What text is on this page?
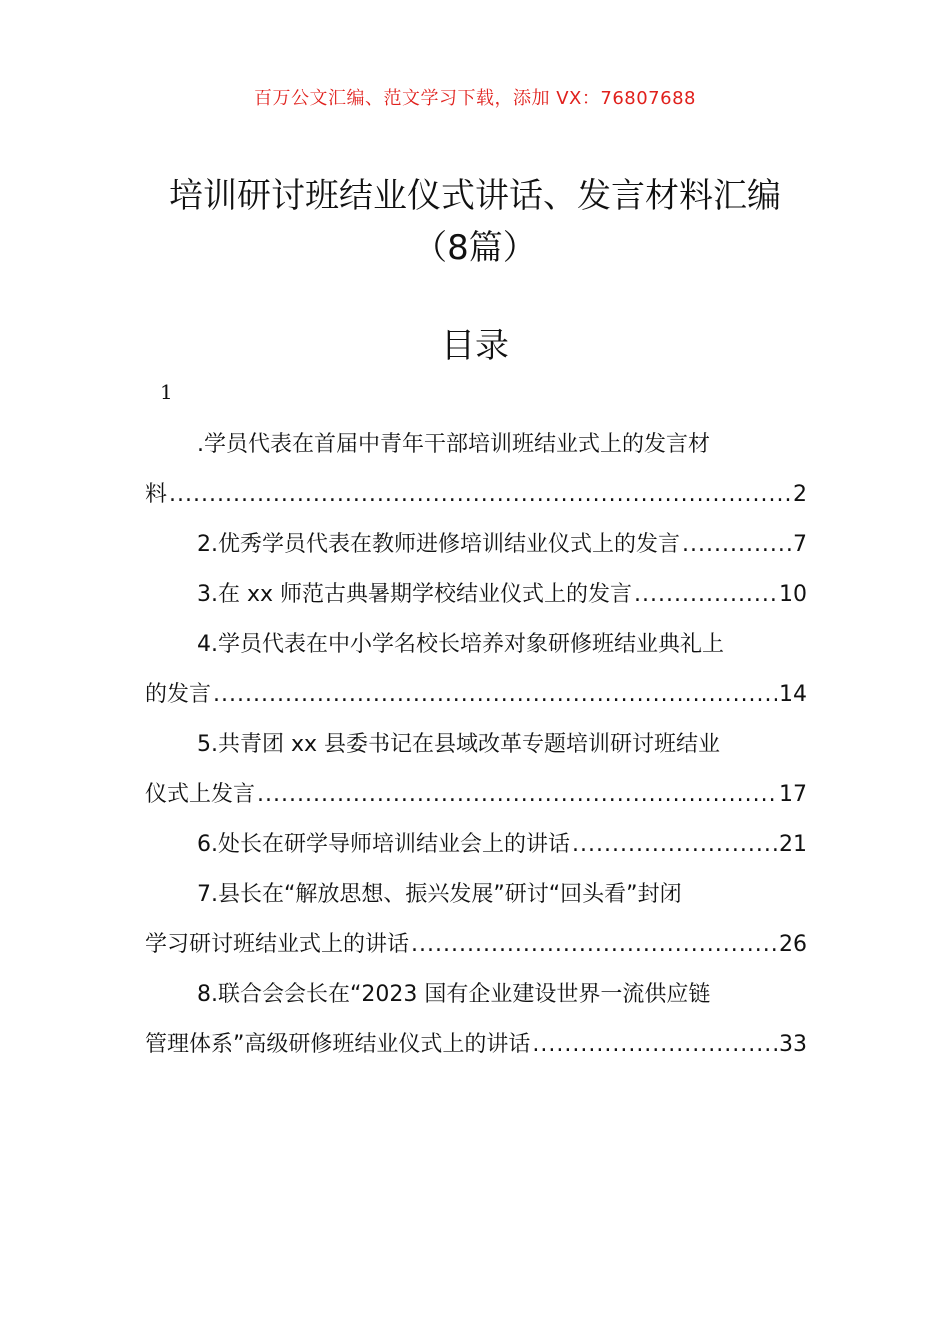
百万公文汇编、范文学习下载，添加 VX：76807688
培训研讨班结业仪式讲话、发言材料汇编
（8篇）
目录
1
.学员代表在首届中青年干部培训班结业式上的发言材
料 .....	2
2.优秀学员代表在教师进修培训结业仪式上的发言 .....	7
3.在 xx 师范古典暑期学校结业仪式上的发言 .....	10
4.学员代表在中小学名校长培养对象研修班结业典礼上
的发言 .....	14
5.共青团 xx 县委书记在县域改革专题培训研讨班结业
仪式上发言 .....	17
6.处长在研学导师培训结业会上的讲话 .....	21
7.县长在“解放思想、振兴发展”研讨“回头看”封闭
学习研讨班结业式上的讲话 .....	26
8.联合会会长在“2023 国有企业建设世界一流供应链
管理体系”高级研修班结业仪式上的讲话 .....	33
